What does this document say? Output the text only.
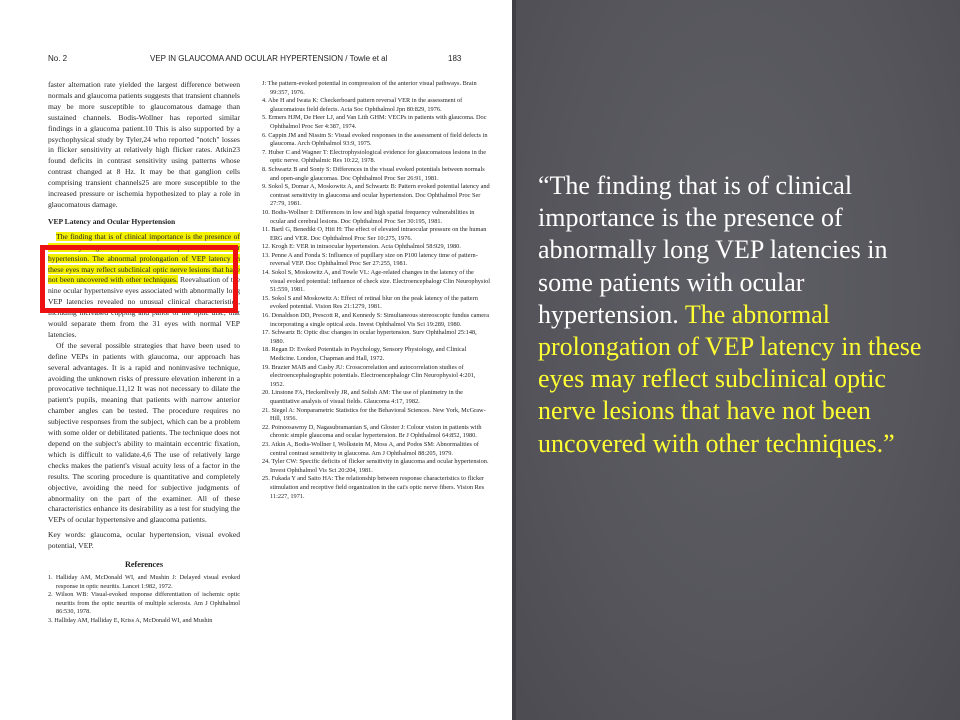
No. 2	VEP IN GLAUCOMA AND OCULAR HYPERTENSION / Towle et al	183

faster alternation rate yielded the largest difference between normals and glaucoma patients suggests that transient channels may be more susceptible to glaucomatous damage than sustained channels. Bodis-Wollner has reported similar findings in a glaucoma patient.10 This is also supported by a psychophysical study by Tyler,24 who reported "notch" losses in flicker sensitivity at relatively high flicker rates. Atkin23 found deficits in contrast sensitivity using patterns whose contrast changed at 8 Hz. It may be that ganglion cells comprising transient channels25 are more susceptible to the increased pressure or ischemia hypothesized to play a role in glaucomatous damage.

VEP Latency and Ocular Hypertension

The finding that is of clinical importance is the presence of abnormally long VEP latencies in some patients with ocular hypertension. The abnormal prolongation of VEP latency in these eyes may reflect subclinical optic nerve lesions that have not been uncovered with other techniques. Reevaluation of the nine ocular hypertensive eyes associated with abnormally long VEP latencies revealed no unusual clinical characteristics, including increased cupping and pallor of the optic disc, that would separate them from the 31 eyes with normal VEP latencies.

Of the several possible strategies that have been used to define VEPs in patients with glaucoma, our approach has several advantages. It is a rapid and noninvasive technique, avoiding the unknown risks of pressure elevation inherent in a provocative technique.11,12 It was not necessary to dilate the patient's pupils, meaning that patients with narrow anterior chamber angles can be tested. The procedure requires no subjective responses from the subject, which can be a problem with some older or debilitated patients. The technique does not depend on the subject's ability to maintain eccentric fixation, which is difficult to validate.4,6 The use of relatively large checks makes the patient's visual acuity less of a factor in the results. The scoring procedure is quantitative and completely objective, avoiding the need for subjective judgments of abnormality on the part of the examiner. All of these characteristics enhance its desirability as a test for studying the VEPs of ocular hypertensive and glaucoma patients.

Key words: glaucoma, ocular hypertension, visual evoked potential, VEP.

References

1. Halliday AM, McDonald WI, and Mushin J: Delayed visual evoked response in optic neuritis. Lancet 1:982, 1972.

2. Wilson WB: Visual-evoked response differentiation of ischemic optic neuritis from the optic neuritis of multiple sclerosis. Am J Ophthalmol 86:530, 1978.

3. Halliday AM, Halliday E, Kriss A, McDonald WI, and Mushin

J: The pattern-evoked potential in compression of the anterior visual pathways. Brain 99:357, 1976.

4. Abe H and Iwata K: Checkerboard pattern reversal VER in the assessment of glaucomatous field defects. Acta Soc Ophthalmol Jpn 80:829, 1976.

5. Ermers HJM, De Heer LJ, and Van Lith GHM: VECPs in patients with glaucoma. Doc Ophthalmol Proc Ser 4:387, 1974.

6. Cappin JM and Nissim S: Visual evoked responses in the assessment of field defects in glaucoma. Arch Ophthalmol 93:9, 1975.

7. Huber C and Wagner T: Electrophysiological evidence for glaucomatous lesions in the optic nerve. Ophthalmic Res 10:22, 1978.

8. Schwartz B and Sonty S: Differences in the visual evoked potentials between normals and open-angle glaucomas. Doc Ophthalmol Proc Ser 26:91, 1981.

9. Sokol S, Domar A, Moskowitz A, and Schwartz B: Pattern evoked potential latency and contrast sensitivity in glaucoma and ocular hypertension. Doc Ophthalmol Proc Ser 27:79, 1981.

10. Bodis-Wollner I: Differences in low and high spatial frequency vulnerabilities in ocular and cerebral lesions. Doc Ophthalmol Proc Ser 30:195, 1981.

11. Bartl G, Benedikt O, Hiti H: The effect of elevated intraocular pressure on the human ERG and VER. Doc Ophthalmol Proc Ser 10:275, 1976.

12. Krogh E: VER in intraocular hypertension. Acta Ophthalmol 58:929, 1980.

13. Penne A and Fonda S: Influence of pupillary size on P100 latency time of pattern-reversal VEP. Doc Ophthalmol Proc Ser 27:255, 1981.

14. Sokol S, Moskowitz A, and Towle VL: Age-related changes in the latency of the visual evoked potential: influence of check size. Electroencephalogr Clin Neurophysiol 51:559, 1981.

15. Sokol S and Moskowitz A: Effect of retinal blur on the peak latency of the pattern evoked potential. Vision Res 21:1279, 1981.

16. Donaldson DD, Prescott R, and Kennedy S: Simultaneous stereoscopic fundus camera incorporating a single optical axis. Invest Ophthalmol Vis Sci 19:289, 1980.

17. Schwartz B: Optic disc changes in ocular hypertension. Surv Ophthalmol 25:148, 1980.

18. Regan D: Evoked Potentials in Psychology, Sensory Physiology, and Clinical Medicine. London, Chapman and Hall, 1972.

19. Brazier MAB and Casby JU: Crosscorrelation and autocorrelation studies of electroencephalographic potentials. Electroencephalogr Clin Neurophysiol 4:201, 1952.

20. Linstone FA, Heckenlively JR, and Solish AM: The use of planimetry in the quantitative analysis of visual fields. Glaucoma 4:17, 1982.

21. Siegel A: Nonparametric Statistics for the Behavioral Sciences. New York, McGraw-Hill, 1956.

22. Poinoosawmy D, Nagasubramanian S, and Gloster J: Colour vision in patients with chronic simple glaucoma and ocular hypertension. Br J Ophthalmol 64:852, 1980.

23. Atkin A, Bodis-Wollner I, Wolkstein M, Moss A, and Podos SM: Abnormalities of central contrast sensitivity in glaucoma. Am J Ophthalmol 88:205, 1979.

24. Tyler CW: Specific deficits of flicker sensitivity in glaucoma and ocular hypertension. Invest Ophthalmol Vis Sci 20:204, 1981.

25. Fukada Y and Saito HA: The relationship between response characteristics to flicker stimulation and receptive field organization in the cat's optic nerve fibers. Vision Res 11:227, 1971.

“The finding that is of clinical importance is the presence of abnormally long VEP latencies in some patients with ocular hypertension. The abnormal prolongation of VEP latency in these eyes may reflect subclinical optic nerve lesions that have not been uncovered with other techniques.”
